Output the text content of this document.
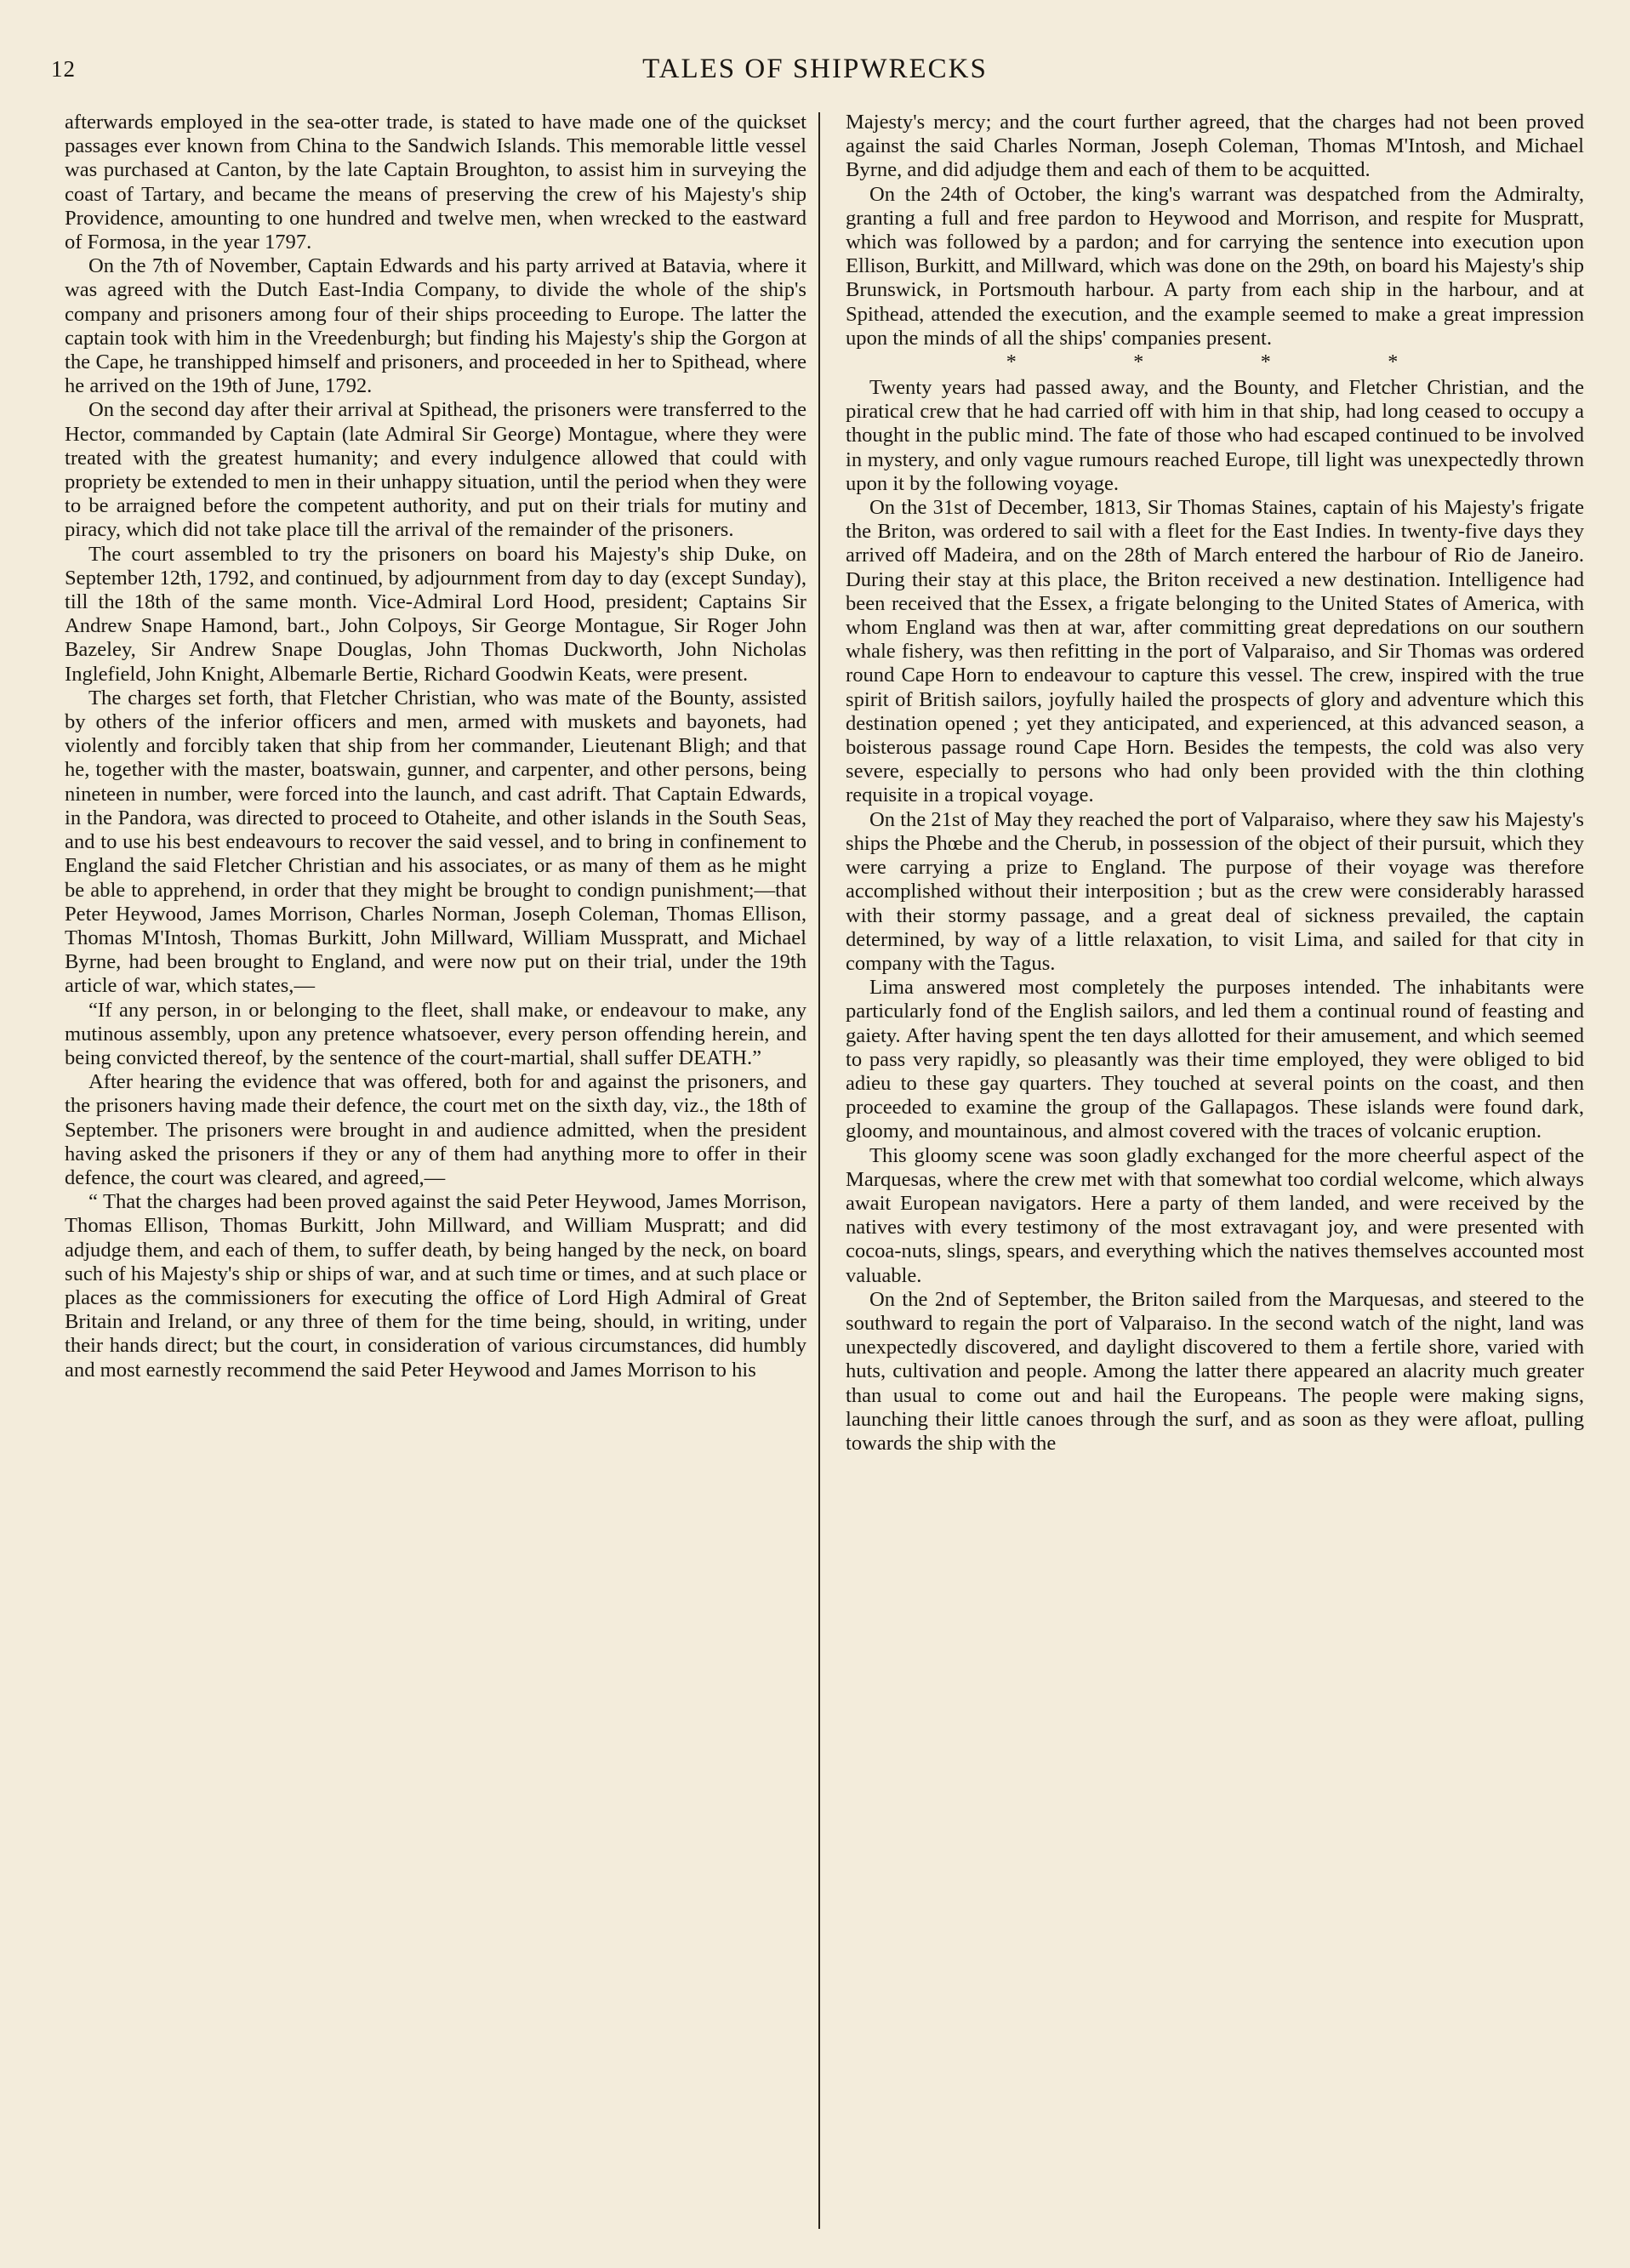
12	TALES OF SHIPWRECKS

afterwards employed in the sea-otter trade, is stated to have made one of the quickset passages ever known from China to the Sandwich Islands. This memorable little vessel was purchased at Canton, by the late Captain Broughton, to assist him in surveying the coast of Tartary, and became the means of preserving the crew of his Majesty's ship Providence, amounting to one hundred and twelve men, when wrecked to the eastward of Formosa, in the year 1797.

On the 7th of November, Captain Edwards and his party arrived at Batavia, where it was agreed with the Dutch East-India Company, to divide the whole of the ship's company and prisoners among four of their ships proceeding to Europe. The latter the captain took with him in the Vreedenburgh; but finding his Majesty's ship the Gorgon at the Cape, he transhipped himself and prisoners, and proceeded in her to Spithead, where he arrived on the 19th of June, 1792.

On the second day after their arrival at Spithead, the prisoners were transferred to the Hector, commanded by Captain (late Admiral Sir George) Montague, where they were treated with the greatest humanity; and every indulgence allowed that could with propriety be extended to men in their unhappy situation, until the period when they were to be arraigned before the competent authority, and put on their trials for mutiny and piracy, which did not take place till the arrival of the remainder of the prisoners.

The court assembled to try the prisoners on board his Majesty's ship Duke, on September 12th, 1792, and continued, by adjournment from day to day (except Sunday), till the 18th of the same month. Vice-Admiral Lord Hood, president; Captains Sir Andrew Snape Hamond, bart., John Colpoys, Sir George Montague, Sir Roger John Bazeley, Sir Andrew Snape Douglas, John Thomas Duckworth, John Nicholas Inglefield, John Knight, Albemarle Bertie, Richard Goodwin Keats, were present.

The charges set forth, that Fletcher Christian, who was mate of the Bounty, assisted by others of the inferior officers and men, armed with muskets and bayonets, had violently and forcibly taken that ship from her commander, Lieutenant Bligh; and that he, together with the master, boatswain, gunner, and carpenter, and other persons, being nineteen in number, were forced into the launch, and cast adrift. That Captain Edwards, in the Pandora, was directed to proceed to Otaheite, and other islands in the South Seas, and to use his best endeavours to recover the said vessel, and to bring in confinement to England the said Fletcher Christian and his associates, or as many of them as he might be able to apprehend, in order that they might be brought to condign punishment;—that Peter Heywood, James Morrison, Charles Norman, Joseph Coleman, Thomas Ellison, Thomas M'Intosh, Thomas Burkitt, John Millward, William Musspratt, and Michael Byrne, had been brought to England, and were now put on their trial, under the 19th article of war, which states,—

“If any person, in or belonging to the fleet, shall make, or endeavour to make, any mutinous assembly, upon any pretence whatsoever, every person offending herein, and being convicted thereof, by the sentence of the court-martial, shall suffer DEATH.”

After hearing the evidence that was offered, both for and against the prisoners, and the prisoners having made their defence, the court met on the sixth day, viz., the 18th of September. The prisoners were brought in and audience admitted, when the president having asked the prisoners if they or any of them had anything more to offer in their defence, the court was cleared, and agreed,—

“ That the charges had been proved against the said Peter Heywood, James Morrison, Thomas Ellison, Thomas Burkitt, John Millward, and William Muspratt; and did adjudge them, and each of them, to suffer death, by being hanged by the neck, on board such of his Majesty's ship or ships of war, and at such time or times, and at such place or places as the commissioners for executing the office of Lord High Admiral of Great Britain and Ireland, or any three of them for the time being, should, in writing, under their hands direct; but the court, in consideration of various circumstances, did humbly and most earnestly recommend the said Peter Heywood and James Morrison to his

Majesty's mercy; and the court further agreed, that the charges had not been proved against the said Charles Norman, Joseph Coleman, Thomas M'Intosh, and Michael Byrne, and did adjudge them and each of them to be acquitted.

On the 24th of October, the king's warrant was despatched from the Admiralty, granting a full and free pardon to Heywood and Morrison, and respite for Muspratt, which was followed by a pardon; and for carrying the sentence into execution upon Ellison, Burkitt, and Millward, which was done on the 29th, on board his Majesty's ship Brunswick, in Portsmouth harbour. A party from each ship in the harbour, and at Spithead, attended the execution, and the example seemed to make a great impression upon the minds of all the ships' companies present.

*	*	*	*

Twenty years had passed away, and the Bounty, and Fletcher Christian, and the piratical crew that he had carried off with him in that ship, had long ceased to occupy a thought in the public mind. The fate of those who had escaped continued to be involved in mystery, and only vague rumours reached Europe, till light was unexpectedly thrown upon it by the following voyage.

On the 31st of December, 1813, Sir Thomas Staines, captain of his Majesty's frigate the Briton, was ordered to sail with a fleet for the East Indies. In twenty-five days they arrived off Madeira, and on the 28th of March entered the harbour of Rio de Janeiro. During their stay at this place, the Briton received a new destination. Intelligence had been received that the Essex, a frigate belonging to the United States of America, with whom England was then at war, after committing great depredations on our southern whale fishery, was then refitting in the port of Valparaiso, and Sir Thomas was ordered round Cape Horn to endeavour to capture this vessel. The crew, inspired with the true spirit of British sailors, joyfully hailed the prospects of glory and adventure which this destination opened ; yet they anticipated, and experienced, at this advanced season, a boisterous passage round Cape Horn. Besides the tempests, the cold was also very severe, especially to persons who had only been provided with the thin clothing requisite in a tropical voyage.

On the 21st of May they reached the port of Valparaiso, where they saw his Majesty's ships the Phœbe and the Cherub, in possession of the object of their pursuit, which they were carrying a prize to England. The purpose of their voyage was therefore accomplished without their interposition ; but as the crew were considerably harassed with their stormy passage, and a great deal of sickness prevailed, the captain determined, by way of a little relaxation, to visit Lima, and sailed for that city in company with the Tagus.

Lima answered most completely the purposes intended. The inhabitants were particularly fond of the English sailors, and led them a continual round of feasting and gaiety. After having spent the ten days allotted for their amusement, and which seemed to pass very rapidly, so pleasantly was their time employed, they were obliged to bid adieu to these gay quarters. They touched at several points on the coast, and then proceeded to examine the group of the Gallapagos. These islands were found dark, gloomy, and mountainous, and almost covered with the traces of volcanic eruption.

This gloomy scene was soon gladly exchanged for the more cheerful aspect of the Marquesas, where the crew met with that somewhat too cordial welcome, which always await European navigators. Here a party of them landed, and were received by the natives with every testimony of the most extravagant joy, and were presented with cocoa-nuts, slings, spears, and everything which the natives themselves accounted most valuable.

On the 2nd of September, the Briton sailed from the Marquesas, and steered to the southward to regain the port of Valparaiso. In the second watch of the night, land was unexpectedly discovered, and daylight discovered to them a fertile shore, varied with huts, cultivation and people. Among the latter there appeared an alacrity much greater than usual to come out and hail the Europeans. The people were making signs, launching their little canoes through the surf, and as soon as they were afloat, pulling towards the ship with the
